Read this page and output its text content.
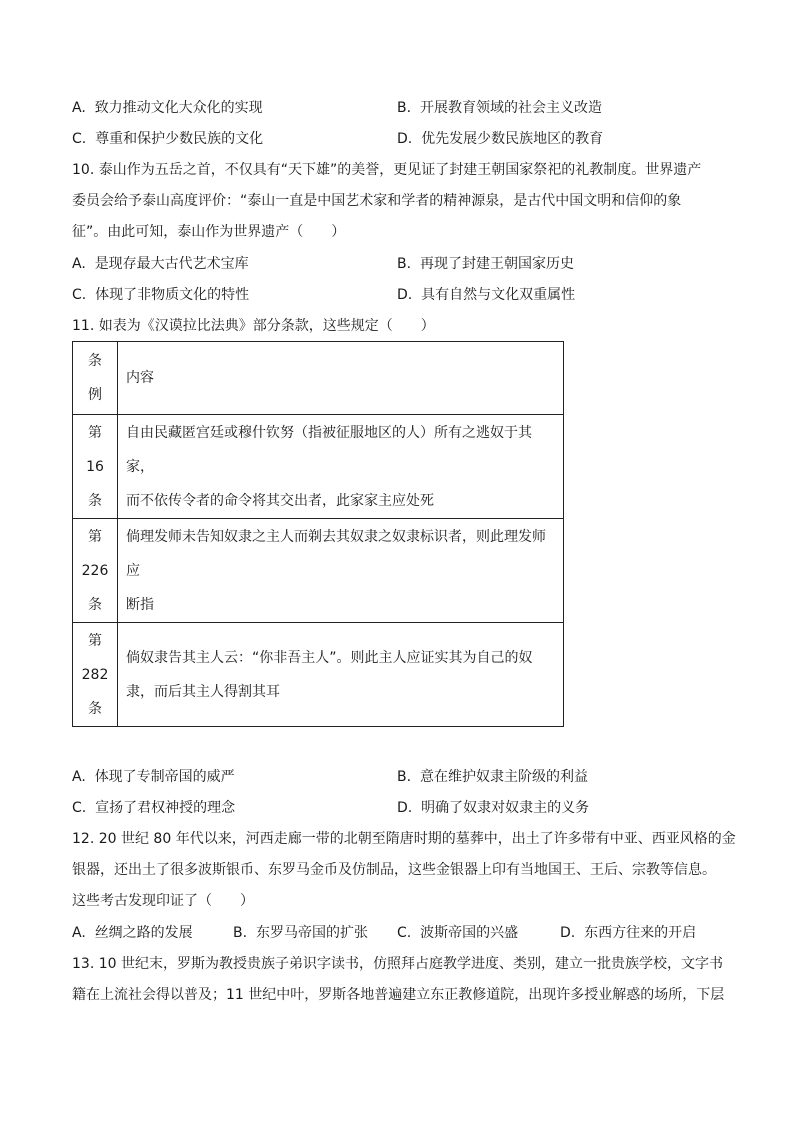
A. 致力推动文化大众化的实现	B. 开展教育领域的社会主义改造
C. 尊重和保护少数民族的文化	D. 优先发展少数民族地区的教育
10. 泰山作为五岳之首，不仅具有“天下雄”的美誉，更见证了封建王朝国家祭祀的礼教制度。世界遗产
委员会给予泰山高度评价：“泰山一直是中国艺术家和学者的精神源泉，是古代中国文明和信仰的象
征”。由此可知，泰山作为世界遗产（　　）
A. 是现存最大古代艺术宝库	B. 再现了封建王朝国家历史
C. 体现了非物质文化的特性	D. 具有自然与文化双重属性
11. 如表为《汉谟拉比法典》部分条款，这些规定（　　）
条
例	内容

第
16
条	自由民藏匿宫廷或穆什钦努（指被征服地区的人）所有之逃奴于其家，
而不依传令者的命令将其交出者，此家家主应处死

第
226
条	倘理发师未告知奴隶之主人而剃去其奴隶之奴隶标识者，则此理发师应
断指

第
282
条	倘奴隶告其主人云：“你非吾主人”。则此主人应证实其为自己的奴
隶，而后其主人得割其耳
A. 体现了专制帝国的威严	B. 意在维护奴隶主阶级的利益
C. 宣扬了君权神授的理念	D. 明确了奴隶对奴隶主的义务
12. 20 世纪 80 年代以来，河西走廊一带的北朝至隋唐时期的墓葬中，出土了许多带有中亚、西亚风格的金
银器，还出土了很多波斯银币、东罗马金币及仿制品，这些金银器上印有当地国王、王后、宗教等信息。
这些考古发现印证了（　　）
A. 丝绸之路的发展	B. 东罗马帝国的扩张 C. 波斯帝国的兴盛	D. 东西方往来的开启
13. 10 世纪末，罗斯为教授贵族子弟识字读书，仿照拜占庭教学进度、类别，建立一批贵族学校，文字书
籍在上流社会得以普及；11 世纪中叶，罗斯各地普遍建立东正教修道院，出现许多授业解惑的场所，下层
